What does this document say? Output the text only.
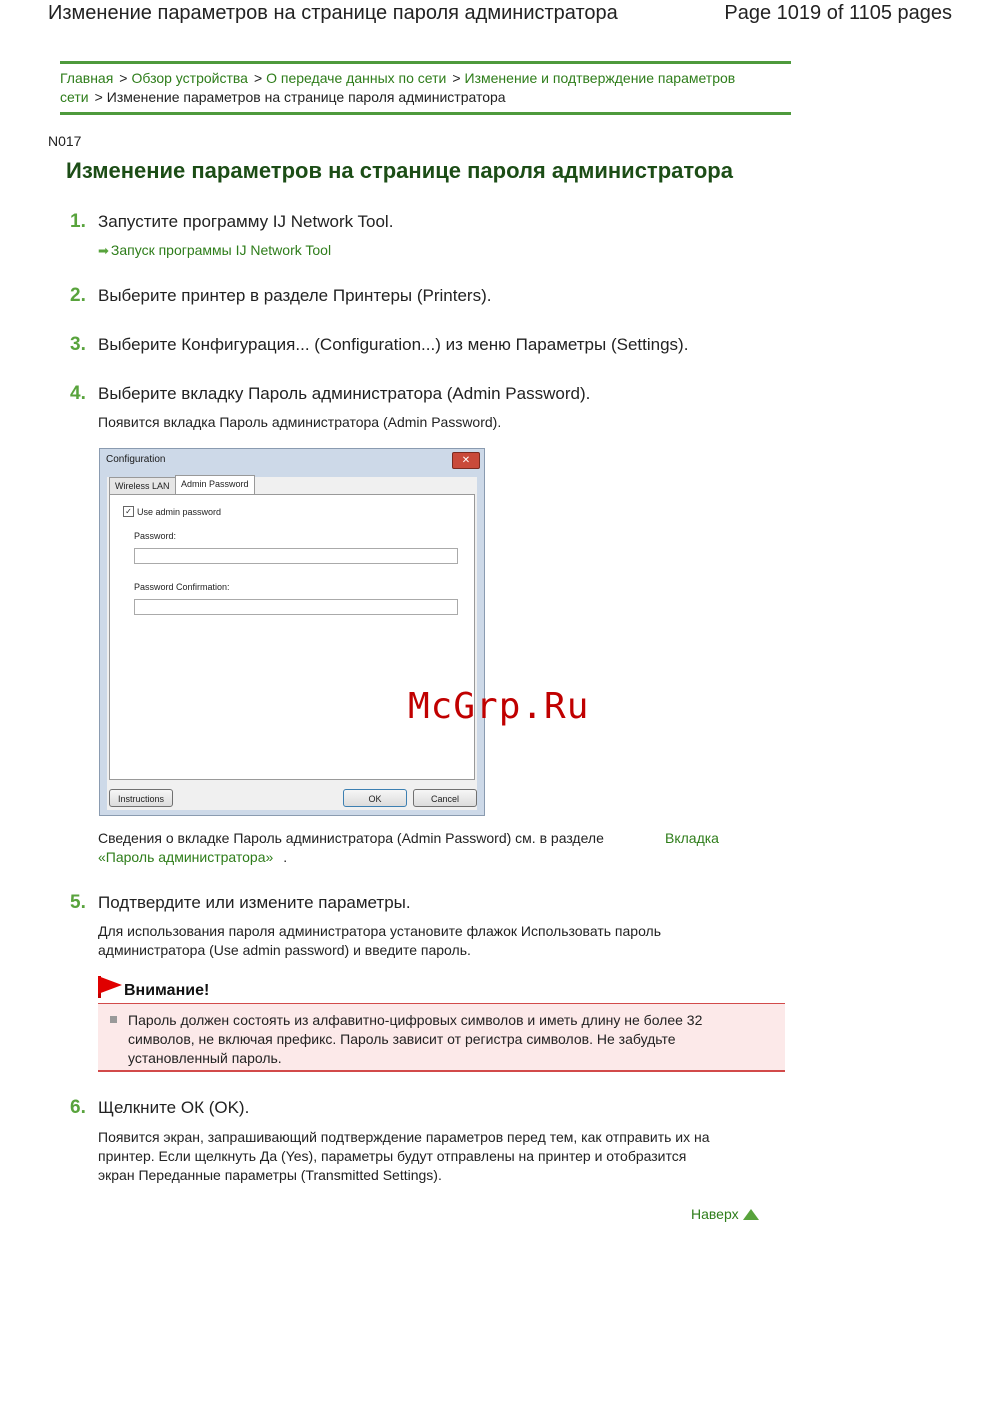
Изменение параметров на странице пароля администратора	Page 1019 of 1105 pages
Главная > Обзор устройства > О передаче данных по сети > Изменение и подтверждение параметров сети > Изменение параметров на странице пароля администратора
N017
Изменение параметров на странице пароля администратора
1. Запустите программу IJ Network Tool.
➡ Запуск программы IJ Network Tool
2. Выберите принтер в разделе Принтеры (Printers).
3. Выберите Конфигурация... (Configuration...) из меню Параметры (Settings).
4. Выберите вкладку Пароль администратора (Admin Password).
Появится вкладка Пароль администратора (Admin Password).
Configuration	✕
Wireless LAN	Admin Password
✓ Use admin password
Password:
Password Confirmation:
Instructions	OK	Cancel
McGrp.Ru
Сведения о вкладке Пароль администратора (Admin Password) см. в разделе	Вкладка
«Пароль администратора» .
5. Подтвердите или измените параметры.
Для использования пароля администратора установите флажок Использовать пароль
администратора (Use admin password) и введите пароль.
Внимание!
Пароль должен состоять из алфавитно-цифровых символов и иметь длину не более 32
символов, не включая префикс. Пароль зависит от регистра символов. Не забудьте
установленный пароль.
6. Щелкните ОК (OK).
Появится экран, запрашивающий подтверждение параметров перед тем, как отправить их на
принтер. Если щелкнуть Да (Yes), параметры будут отправлены на принтер и отобразится
экран Переданные параметры (Transmitted Settings).
Наверх
